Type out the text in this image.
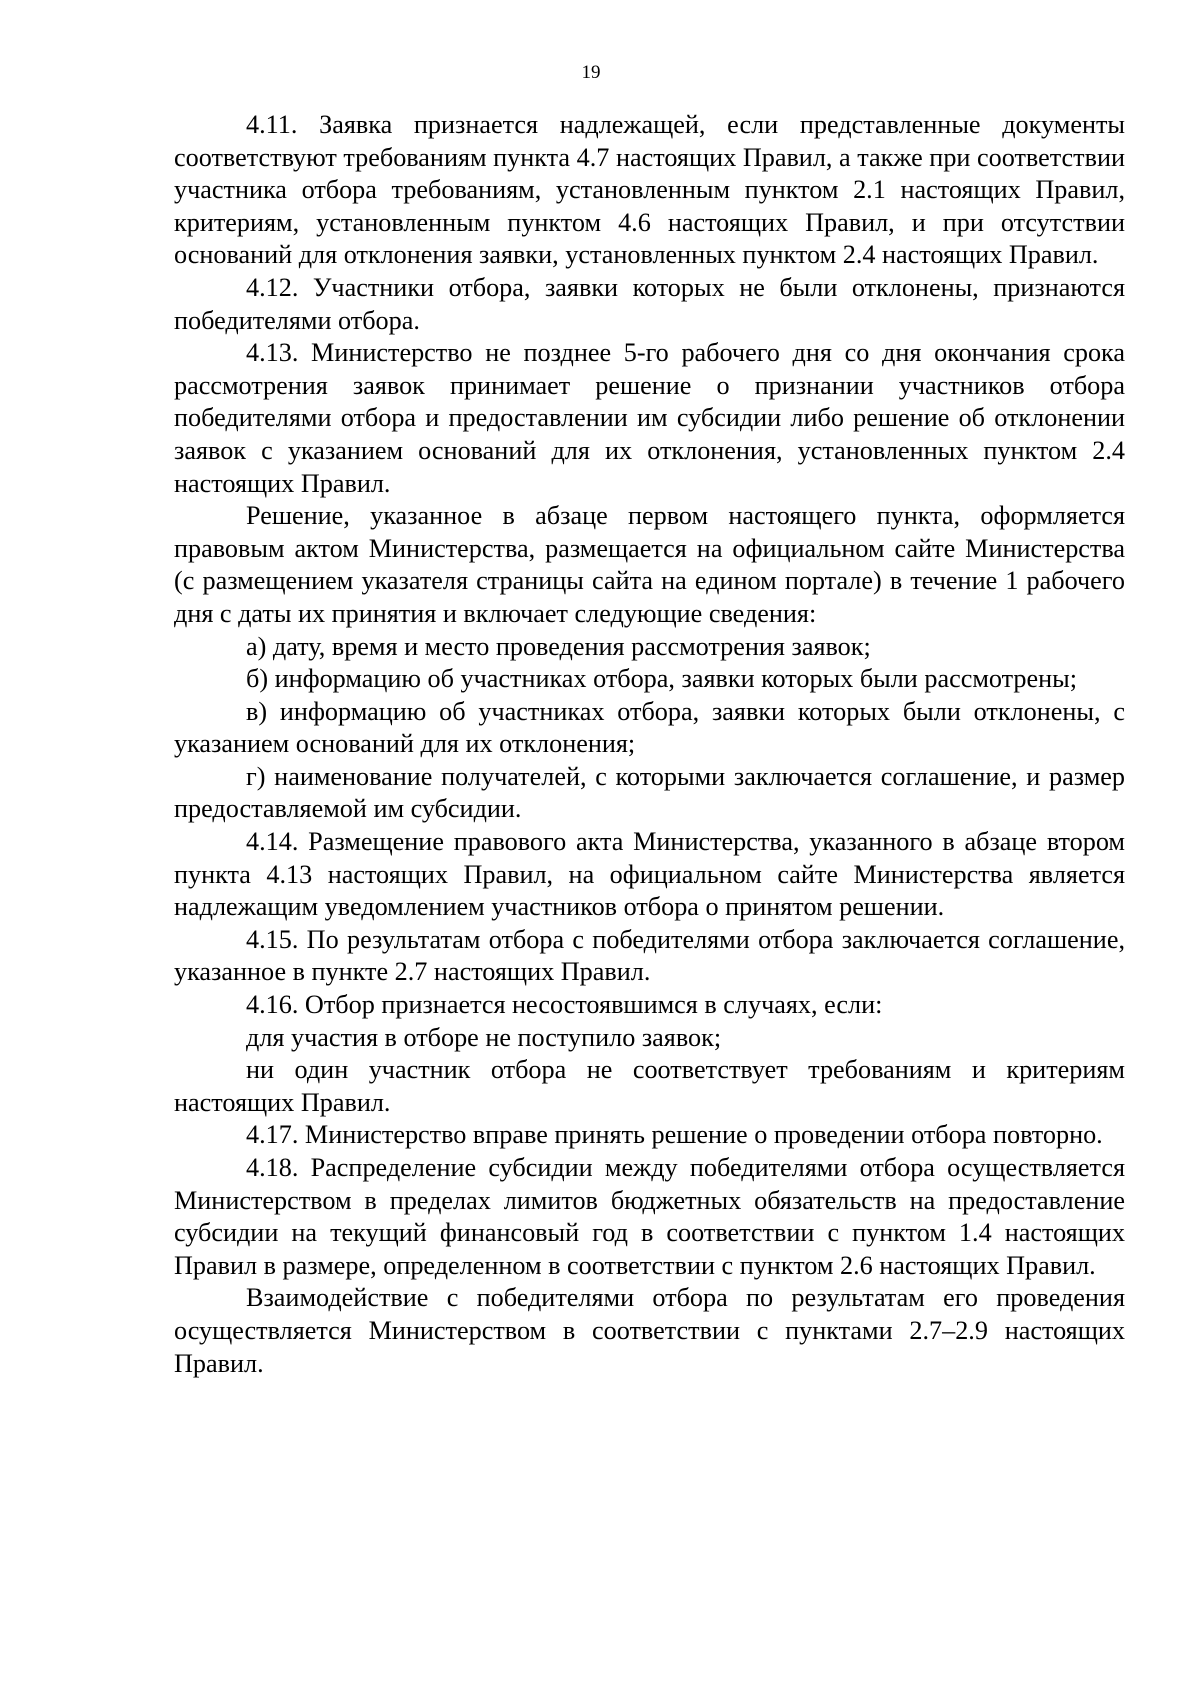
19

4.11. Заявка признается надлежащей, если представленные документы соответствуют требованиям пункта 4.7 настоящих Правил, а также при соответствии участника отбора требованиям, установленным пунктом 2.1 настоящих Правил, критериям, установленным пунктом 4.6 настоящих Правил, и при отсутствии оснований для отклонения заявки, установленных пунктом 2.4 настоящих Правил.

4.12. Участники отбора, заявки которых не были отклонены, признаются победителями отбора.

4.13. Министерство не позднее 5-го рабочего дня со дня окончания срока рассмотрения заявок принимает решение о признании участников отбора победителями отбора и предоставлении им субсидии либо решение об отклонении заявок с указанием оснований для их отклонения, установленных пунктом 2.4 настоящих Правил.

Решение, указанное в абзаце первом настоящего пункта, оформляется правовым актом Министерства, размещается на официальном сайте Министерства (с размещением указателя страницы сайта на едином портале) в течение 1 рабочего дня с даты их принятия и включает следующие сведения:

а) дату, время и место проведения рассмотрения заявок;

б) информацию об участниках отбора, заявки которых были рассмотрены;

в) информацию об участниках отбора, заявки которых были отклонены, с указанием оснований для их отклонения;

г) наименование получателей, с которыми заключается соглашение, и размер предоставляемой им субсидии.

4.14. Размещение правового акта Министерства, указанного в абзаце втором пункта 4.13 настоящих Правил, на официальном сайте Министерства является надлежащим уведомлением участников отбора о принятом решении.

4.15. По результатам отбора с победителями отбора заключается соглашение, указанное в пункте 2.7 настоящих Правил.

4.16. Отбор признается несостоявшимся в случаях, если:

для участия в отборе не поступило заявок;

ни один участник отбора не соответствует требованиям и критериям настоящих Правил.

4.17. Министерство вправе принять решение о проведении отбора повторно.

4.18. Распределение субсидии между победителями отбора осуществляется Министерством в пределах лимитов бюджетных обязательств на предоставление субсидии на текущий финансовый год в соответствии с пунктом 1.4 настоящих Правил в размере, определенном в соответствии с пунктом 2.6 настоящих Правил.

Взаимодействие с победителями отбора по результатам его проведения осуществляется Министерством в соответствии с пунктами 2.7–2.9 настоящих Правил.
